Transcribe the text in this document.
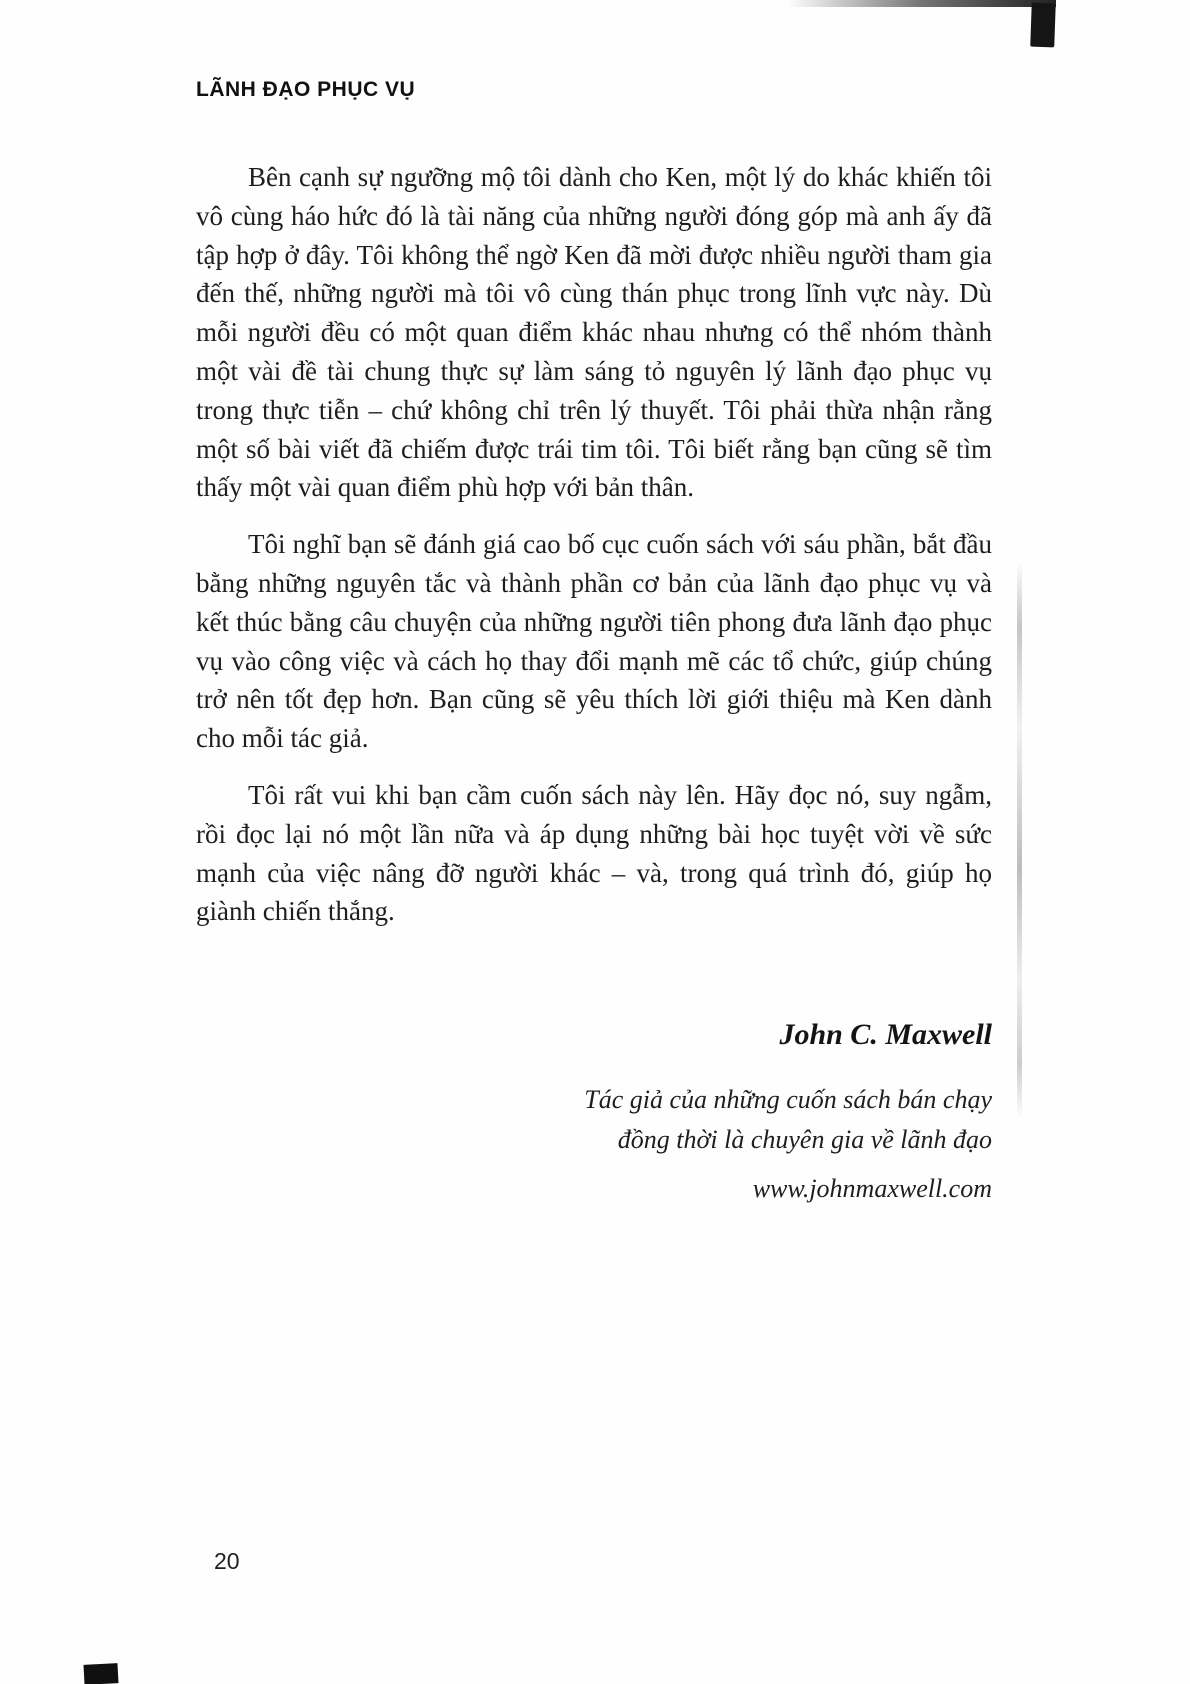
LÃNH ĐẠO PHỤC VỤ

Bên cạnh sự ngưỡng mộ tôi dành cho Ken, một lý do khác khiến tôi vô cùng háo hức đó là tài năng của những người đóng góp mà anh ấy đã tập hợp ở đây. Tôi không thể ngờ Ken đã mời được nhiều người tham gia đến thế, những người mà tôi vô cùng thán phục trong lĩnh vực này. Dù mỗi người đều có một quan điểm khác nhau nhưng có thể nhóm thành một vài đề tài chung thực sự làm sáng tỏ nguyên lý lãnh đạo phục vụ trong thực tiễn – chứ không chỉ trên lý thuyết. Tôi phải thừa nhận rằng một số bài viết đã chiếm được trái tim tôi. Tôi biết rằng bạn cũng sẽ tìm thấy một vài quan điểm phù hợp với bản thân.

Tôi nghĩ bạn sẽ đánh giá cao bố cục cuốn sách với sáu phần, bắt đầu bằng những nguyên tắc và thành phần cơ bản của lãnh đạo phục vụ và kết thúc bằng câu chuyện của những người tiên phong đưa lãnh đạo phục vụ vào công việc và cách họ thay đổi mạnh mẽ các tổ chức, giúp chúng trở nên tốt đẹp hơn. Bạn cũng sẽ yêu thích lời giới thiệu mà Ken dành cho mỗi tác giả.

Tôi rất vui khi bạn cầm cuốn sách này lên. Hãy đọc nó, suy ngẫm, rồi đọc lại nó một lần nữa và áp dụng những bài học tuyệt vời về sức mạnh của việc nâng đỡ người khác – và, trong quá trình đó, giúp họ giành chiến thắng.

John C. Maxwell
Tác giả của những cuốn sách bán chạy
đồng thời là chuyên gia về lãnh đạo
www.johnmaxwell.com
20
